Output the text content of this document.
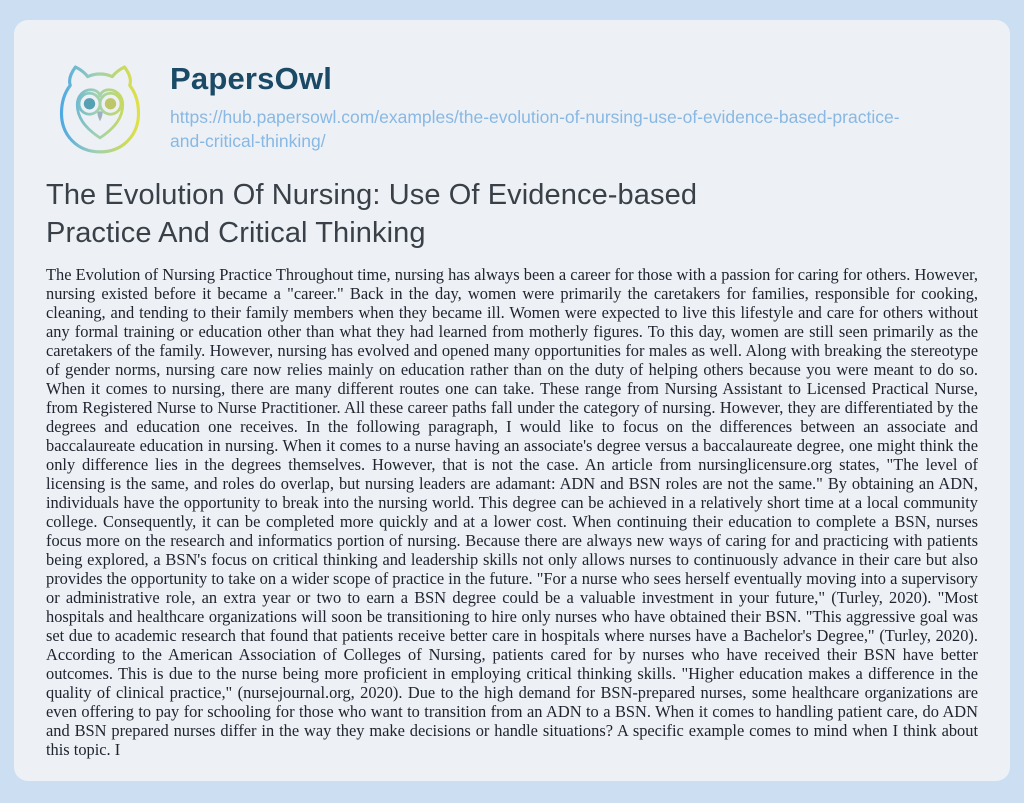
PapersOwl
https://hub.papersowl.com/examples/the-evolution-of-nursing-use-of-evidence-based-practice-and-critical-thinking/
The Evolution Of Nursing: Use Of Evidence-based Practice And Critical Thinking

The Evolution of Nursing Practice Throughout time, nursing has always been a career for those with a passion for caring for others. However, nursing existed before it became a "career." Back in the day, women were primarily the caretakers for families, responsible for cooking, cleaning, and tending to their family members when they became ill. Women were expected to live this lifestyle and care for others without any formal training or education other than what they had learned from motherly figures. To this day, women are still seen primarily as the caretakers of the family. However, nursing has evolved and opened many opportunities for males as well. Along with breaking the stereotype of gender norms, nursing care now relies mainly on education rather than on the duty of helping others because you were meant to do so. When it comes to nursing, there are many different routes one can take. These range from Nursing Assistant to Licensed Practical Nurse, from Registered Nurse to Nurse Practitioner. All these career paths fall under the category of nursing. However, they are differentiated by the degrees and education one receives. In the following paragraph, I would like to focus on the differences between an associate and baccalaureate education in nursing. When it comes to a nurse having an associate's degree versus a baccalaureate degree, one might think the only difference lies in the degrees themselves. However, that is not the case. An article from nursinglicensure.org states, "The level of licensing is the same, and roles do overlap, but nursing leaders are adamant: ADN and BSN roles are not the same." By obtaining an ADN, individuals have the opportunity to break into the nursing world. This degree can be achieved in a relatively short time at a local community college. Consequently, it can be completed more quickly and at a lower cost. When continuing their education to complete a BSN, nurses focus more on the research and informatics portion of nursing. Because there are always new ways of caring for and practicing with patients being explored, a BSN's focus on critical thinking and leadership skills not only allows nurses to continuously advance in their care but also provides the opportunity to take on a wider scope of practice in the future. "For a nurse who sees herself eventually moving into a supervisory or administrative role, an extra year or two to earn a BSN degree could be a valuable investment in your future," (Turley, 2020). "Most hospitals and healthcare organizations will soon be transitioning to hire only nurses who have obtained their BSN. "This aggressive goal was set due to academic research that found that patients receive better care in hospitals where nurses have a Bachelor's Degree," (Turley, 2020). According to the American Association of Colleges of Nursing, patients cared for by nurses who have received their BSN have better outcomes. This is due to the nurse being more proficient in employing critical thinking skills. "Higher education makes a difference in the quality of clinical practice," (nursejournal.org, 2020). Due to the high demand for BSN-prepared nurses, some healthcare organizations are even offering to pay for schooling for those who want to transition from an ADN to a BSN. When it comes to handling patient care, do ADN and BSN prepared nurses differ in the way they make decisions or handle situations? A specific example comes to mind when I think about this topic. I
